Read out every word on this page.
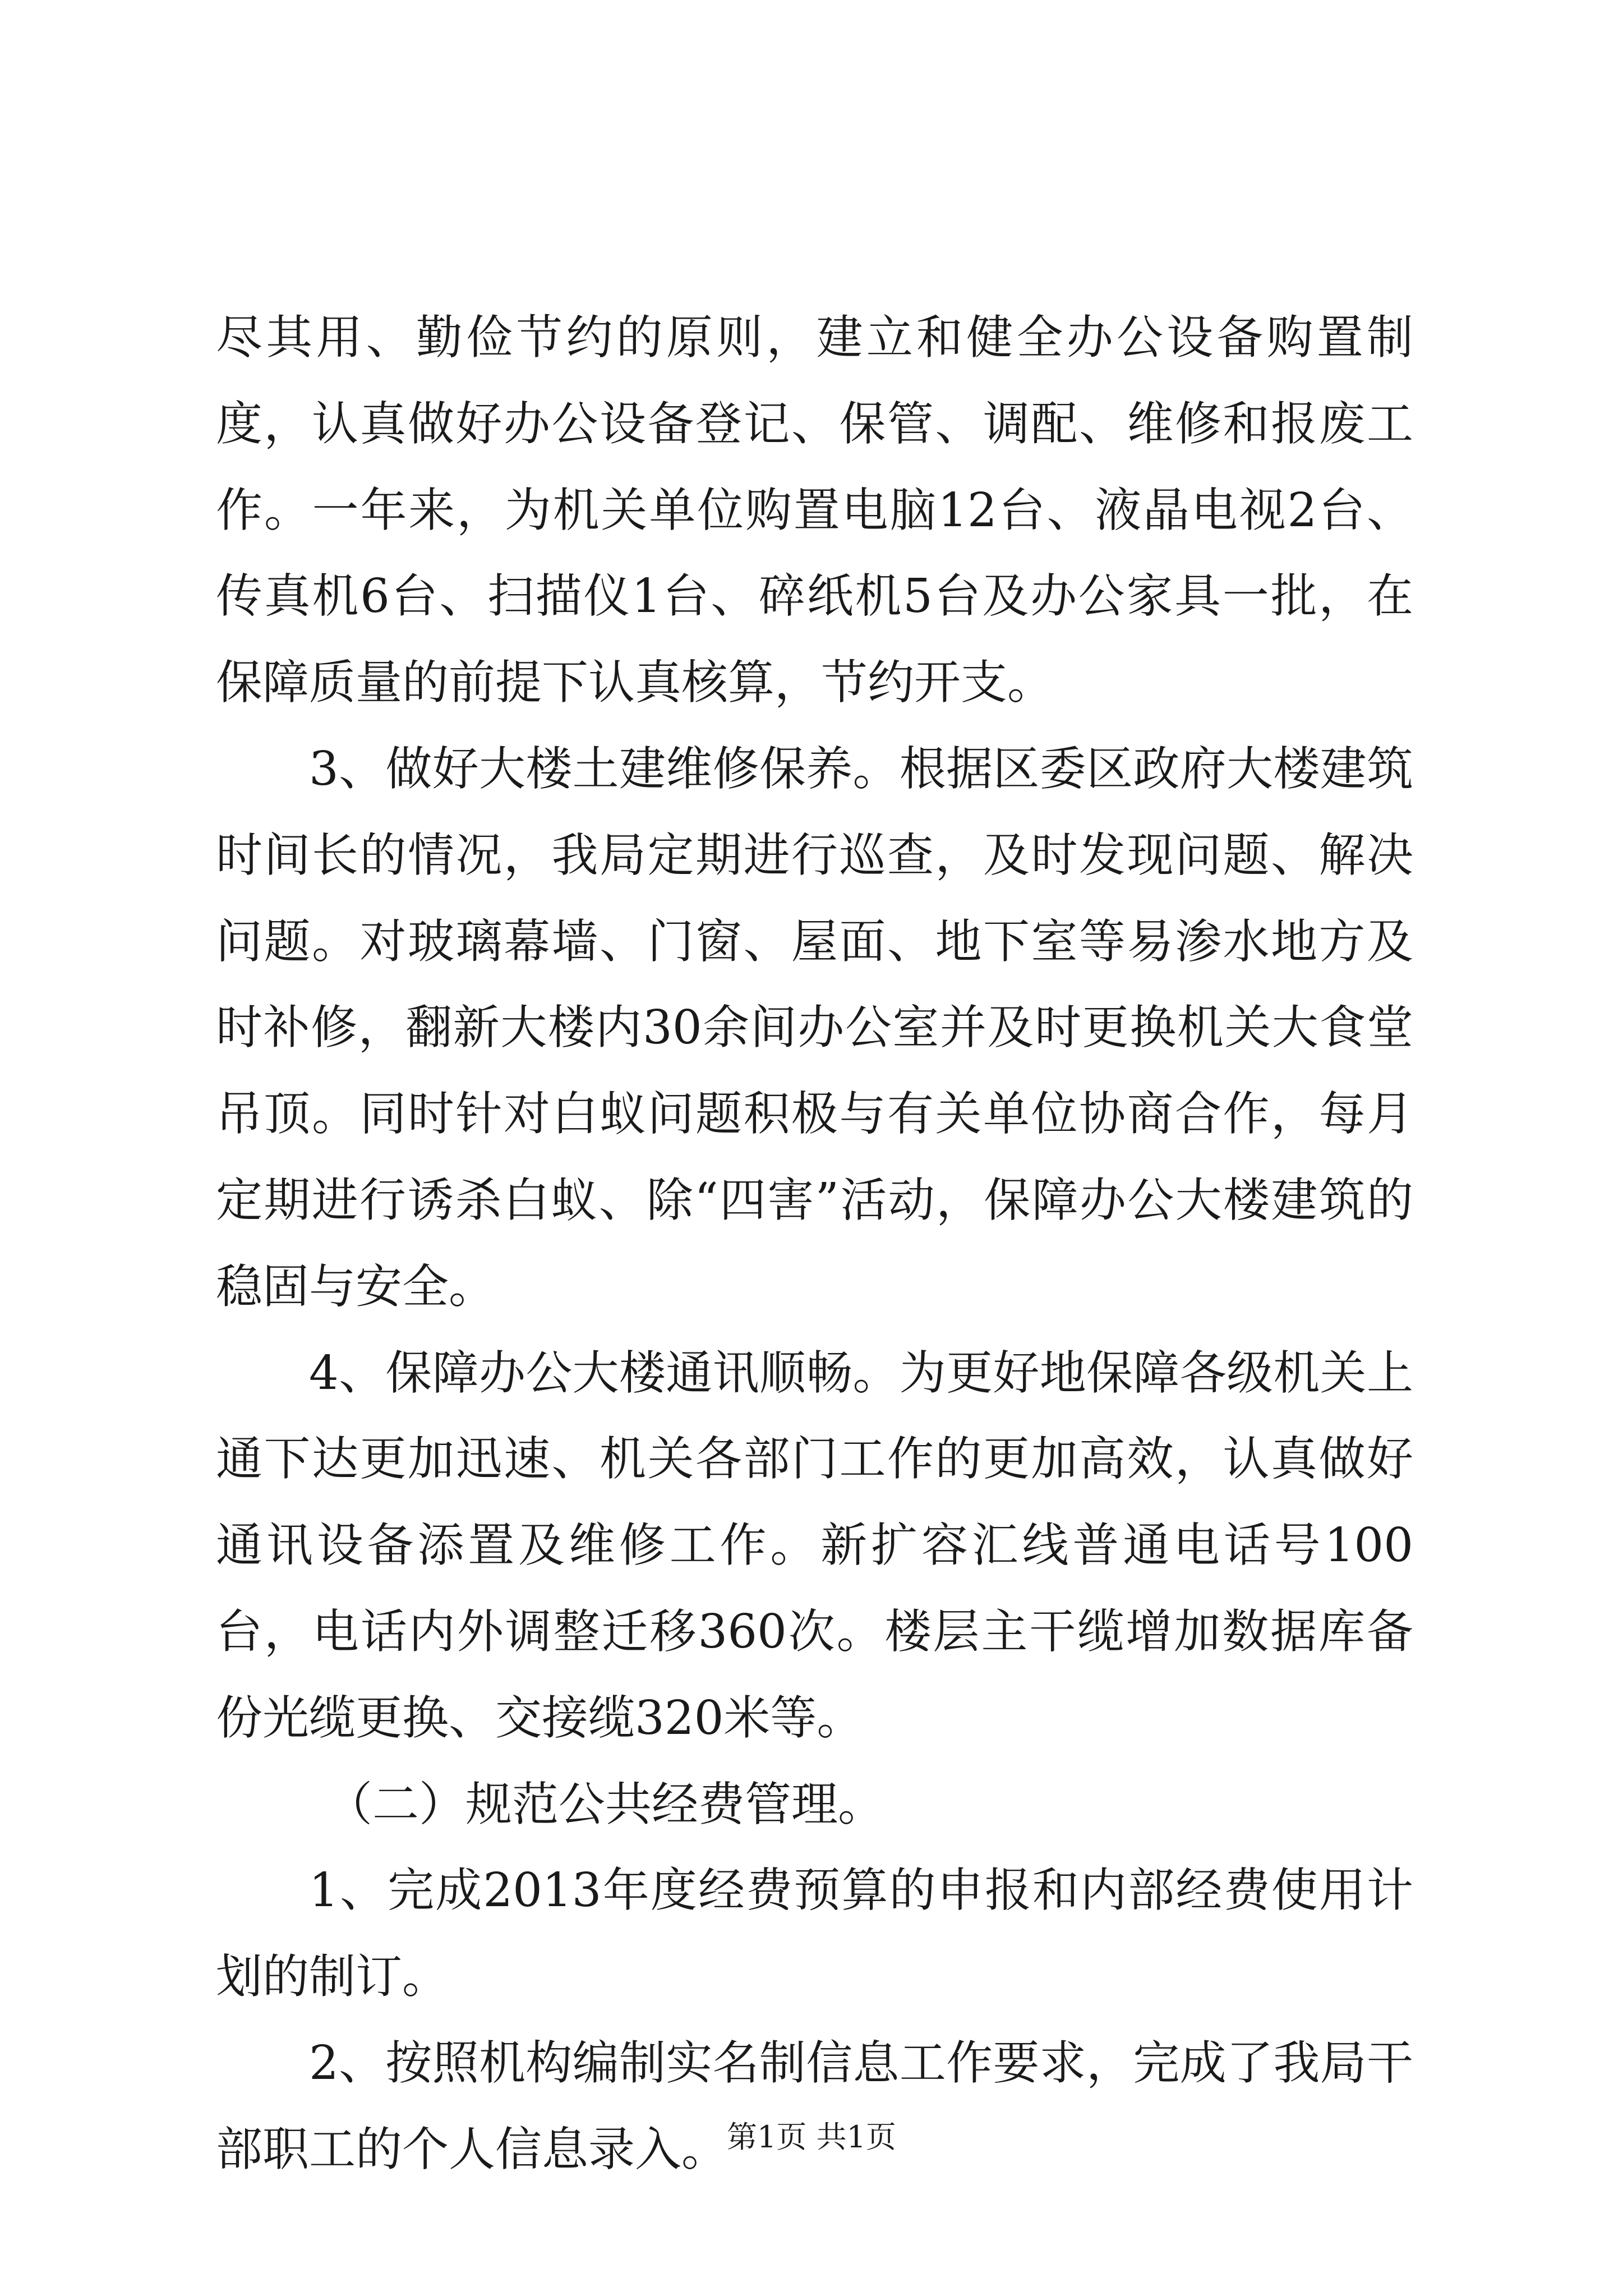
尽其用、勤俭节约的原则，建立和健全办公设备购置制度，认真做好办公设备登记、保管、调配、维修和报废工作。一年来，为机关单位购置电脑12台、液晶电视2台、传真机6台、扫描仪1台、碎纸机5台及办公家具一批，在保障质量的前提下认真核算，节约开支。

3、做好大楼土建维修保养。根据区委区政府大楼建筑时间长的情况，我局定期进行巡查，及时发现问题、解决问题。对玻璃幕墙、门窗、屋面、地下室等易渗水地方及时补修，翻新大楼内30余间办公室并及时更换机关大食堂吊顶。同时针对白蚁问题积极与有关单位协商合作，每月定期进行诱杀白蚁、除“四害”活动，保障办公大楼建筑的稳固与安全。

4、保障办公大楼通讯顺畅。为更好地保障各级机关上通下达更加迅速、机关各部门工作的更加高效，认真做好通讯设备添置及维修工作。新扩容汇线普通电话号100台，电话内外调整迁移360次。楼层主干缆增加数据库备份光缆更换、交接缆320米等。

（二）规范公共经费管理。

1、完成2013年度经费预算的申报和内部经费使用计划的制订。

2、按照机构编制实名制信息工作要求，完成了我局干部职工的个人信息录入。

第1页 共1页
